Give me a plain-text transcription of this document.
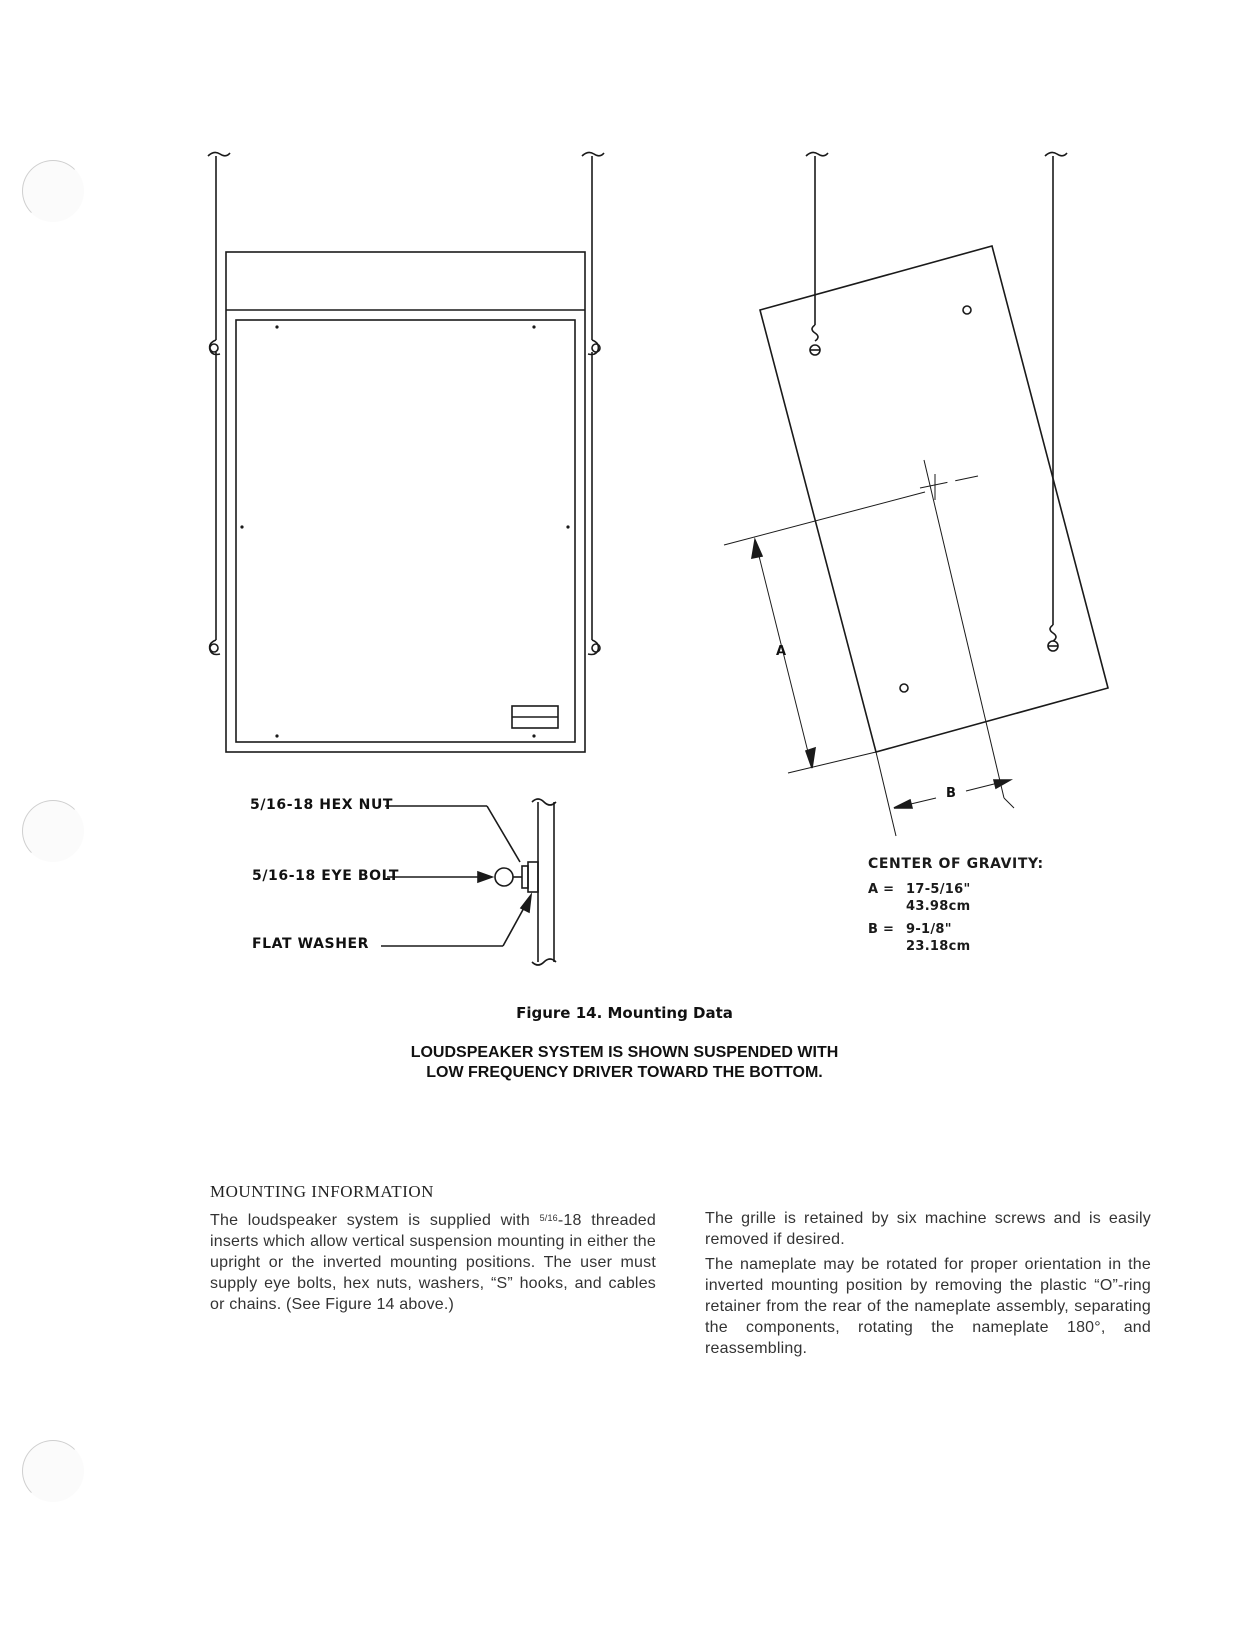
5/16-18 HEX NUT
5/16-18 EYE BOLT
FLAT WASHER
A
B
CENTER OF GRAVITY:
A = 17-5/16"
43.98cm
B = 9-1/8"
23.18cm
Figure 14. Mounting Data
LOUDSPEAKER SYSTEM IS SHOWN SUSPENDED WITH
LOW FREQUENCY DRIVER TOWARD THE BOTTOM.
MOUNTING INFORMATION

The loudspeaker system is supplied with $^{5/16}$-18 threaded inserts which allow vertical suspension mounting in either the upright or the inverted mounting positions. The user must supply eye bolts, hex nuts, washers, “S” hooks, and cables or chains. (See Figure 14 above.)

The grille is retained by six machine screws and is easily removed if desired.

The nameplate may be rotated for proper orientation in the inverted mounting position by removing the plastic “O”-ring retainer from the rear of the nameplate assembly, separating the components, rotating the nameplate 180°, and reassembling.
